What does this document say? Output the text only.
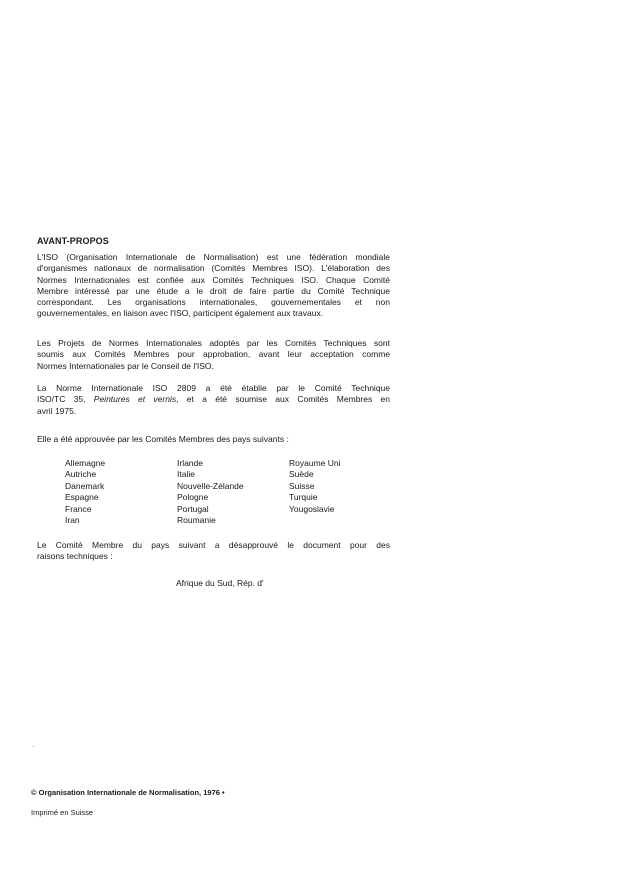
AVANT-PROPOS
L'ISO (Organisation Internationale de Normalisation) est une fédération mondiale
d'organismes nationaux de normalisation (Comités Membres ISO). L'élaboration des
Normes Internationales est confiée aux Comités Techniques ISO. Chaque Comité
Membre intéressé par une étude a le droit de faire partie du Comité Technique
correspondant. Les organisations internationales, gouvernementales et non
gouvernementales, en liaison avec l'ISO, participent également aux travaux.
Les Projets de Normes Internationales adoptés par les Comités Techniques sont
soumis aux Comités Membres pour approbation, avant leur acceptation comme
Normes Internationales par le Conseil de l'ISO.
La Norme Internationale ISO 2809 a été établie par le Comité Technique
ISO/TC 35, Peintures et vernis, et a été soumise aux Comités Membres en
avril 1975.
Elle a été approuvée par les Comités Membres des pays suivants :
Allemagne
Autriche
Danemark
Espagne
France
Iran
Irlande
Italie
Nouvelle-Zélande
Pologne
Portugal
Roumanie
Royaume Uni
Suède
Suisse
Turquie
Yougoslavie
Le Comité Membre du pays suivant a désapprouvé le document pour des
raisons techniques :
Afrique du Sud, Rép. d'
© Organisation Internationale de Normalisation, 1976 •
Imprimé en Suisse
